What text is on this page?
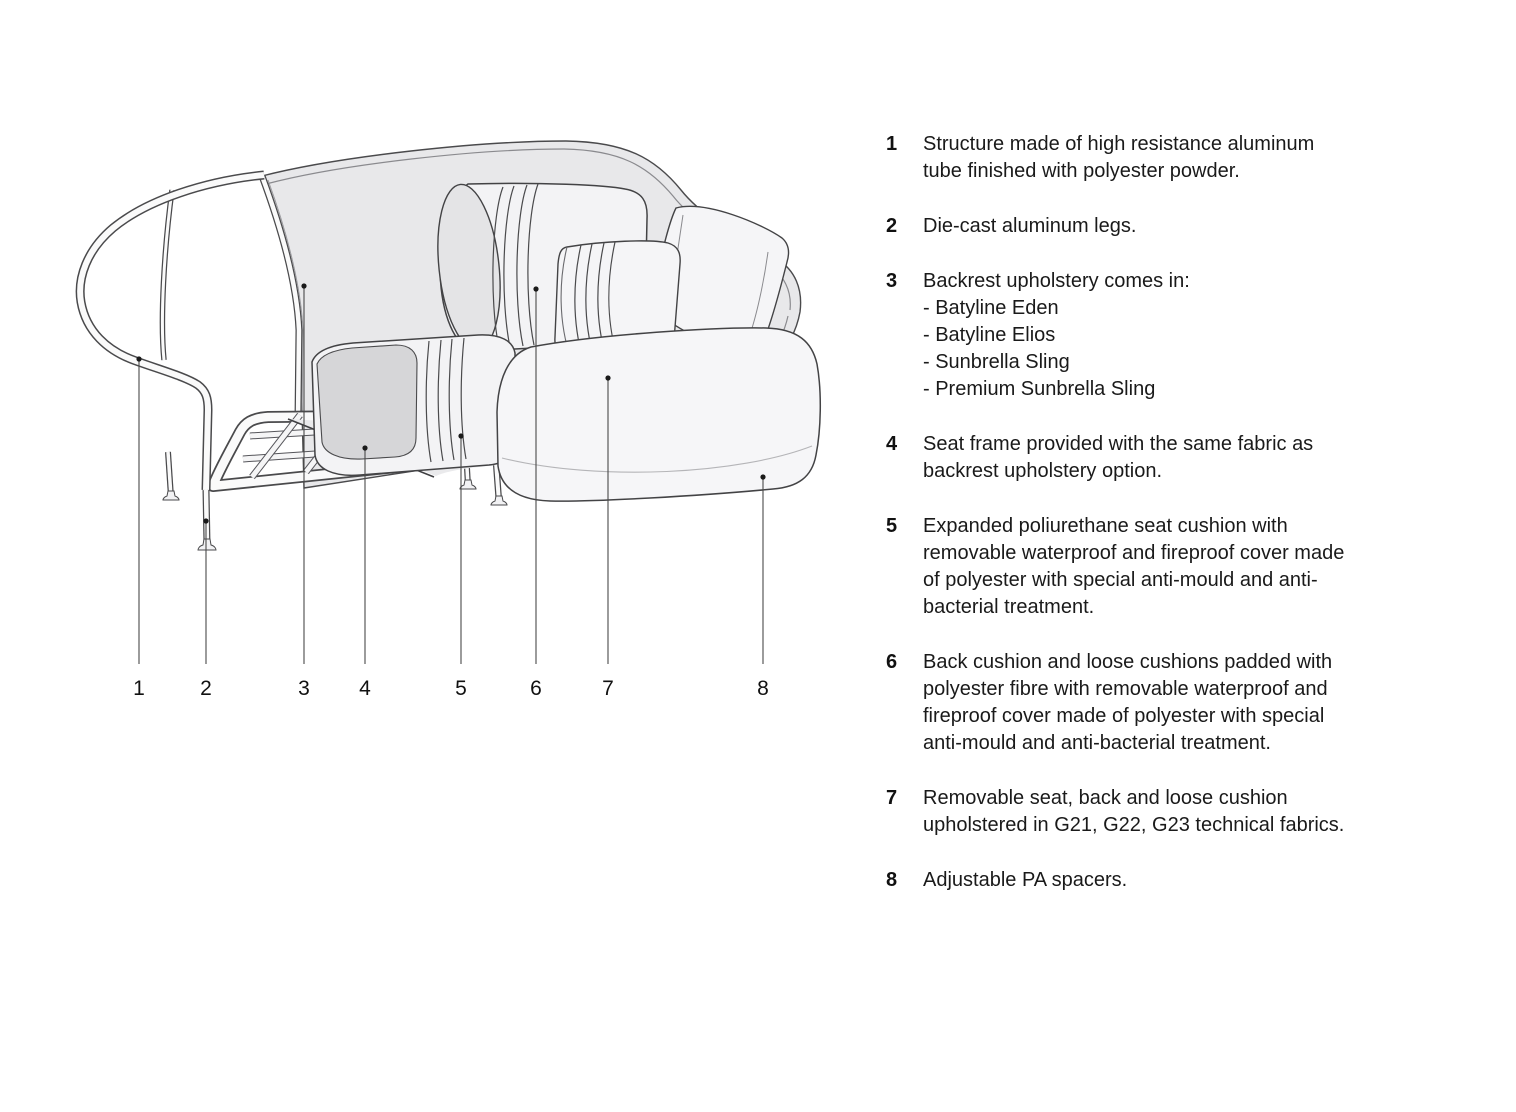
1	2	3 4	5	6	7	8
1	Structure made of high resistance aluminum tube finished with polyester powder.
2	Die-cast aluminum legs.
3	Backrest upholstery comes in:
- Batyline Eden
- Batyline Elios
- Sunbrella Sling
- Premium Sunbrella Sling
4	Seat frame provided with the same fabric as backrest upholstery option.
5	Expanded poliurethane seat cushion with removable waterproof and fireproof cover made of polyester with special anti-mould and anti-bacterial treatment.
6	Back cushion and loose cushions padded with polyester fibre with removable waterproof and fireproof cover made of polyester with special anti-mould and anti-bacterial treatment.
7	Removable seat, back and loose cushion upholstered in G21, G22, G23 technical fabrics.
8	Adjustable PA spacers.
